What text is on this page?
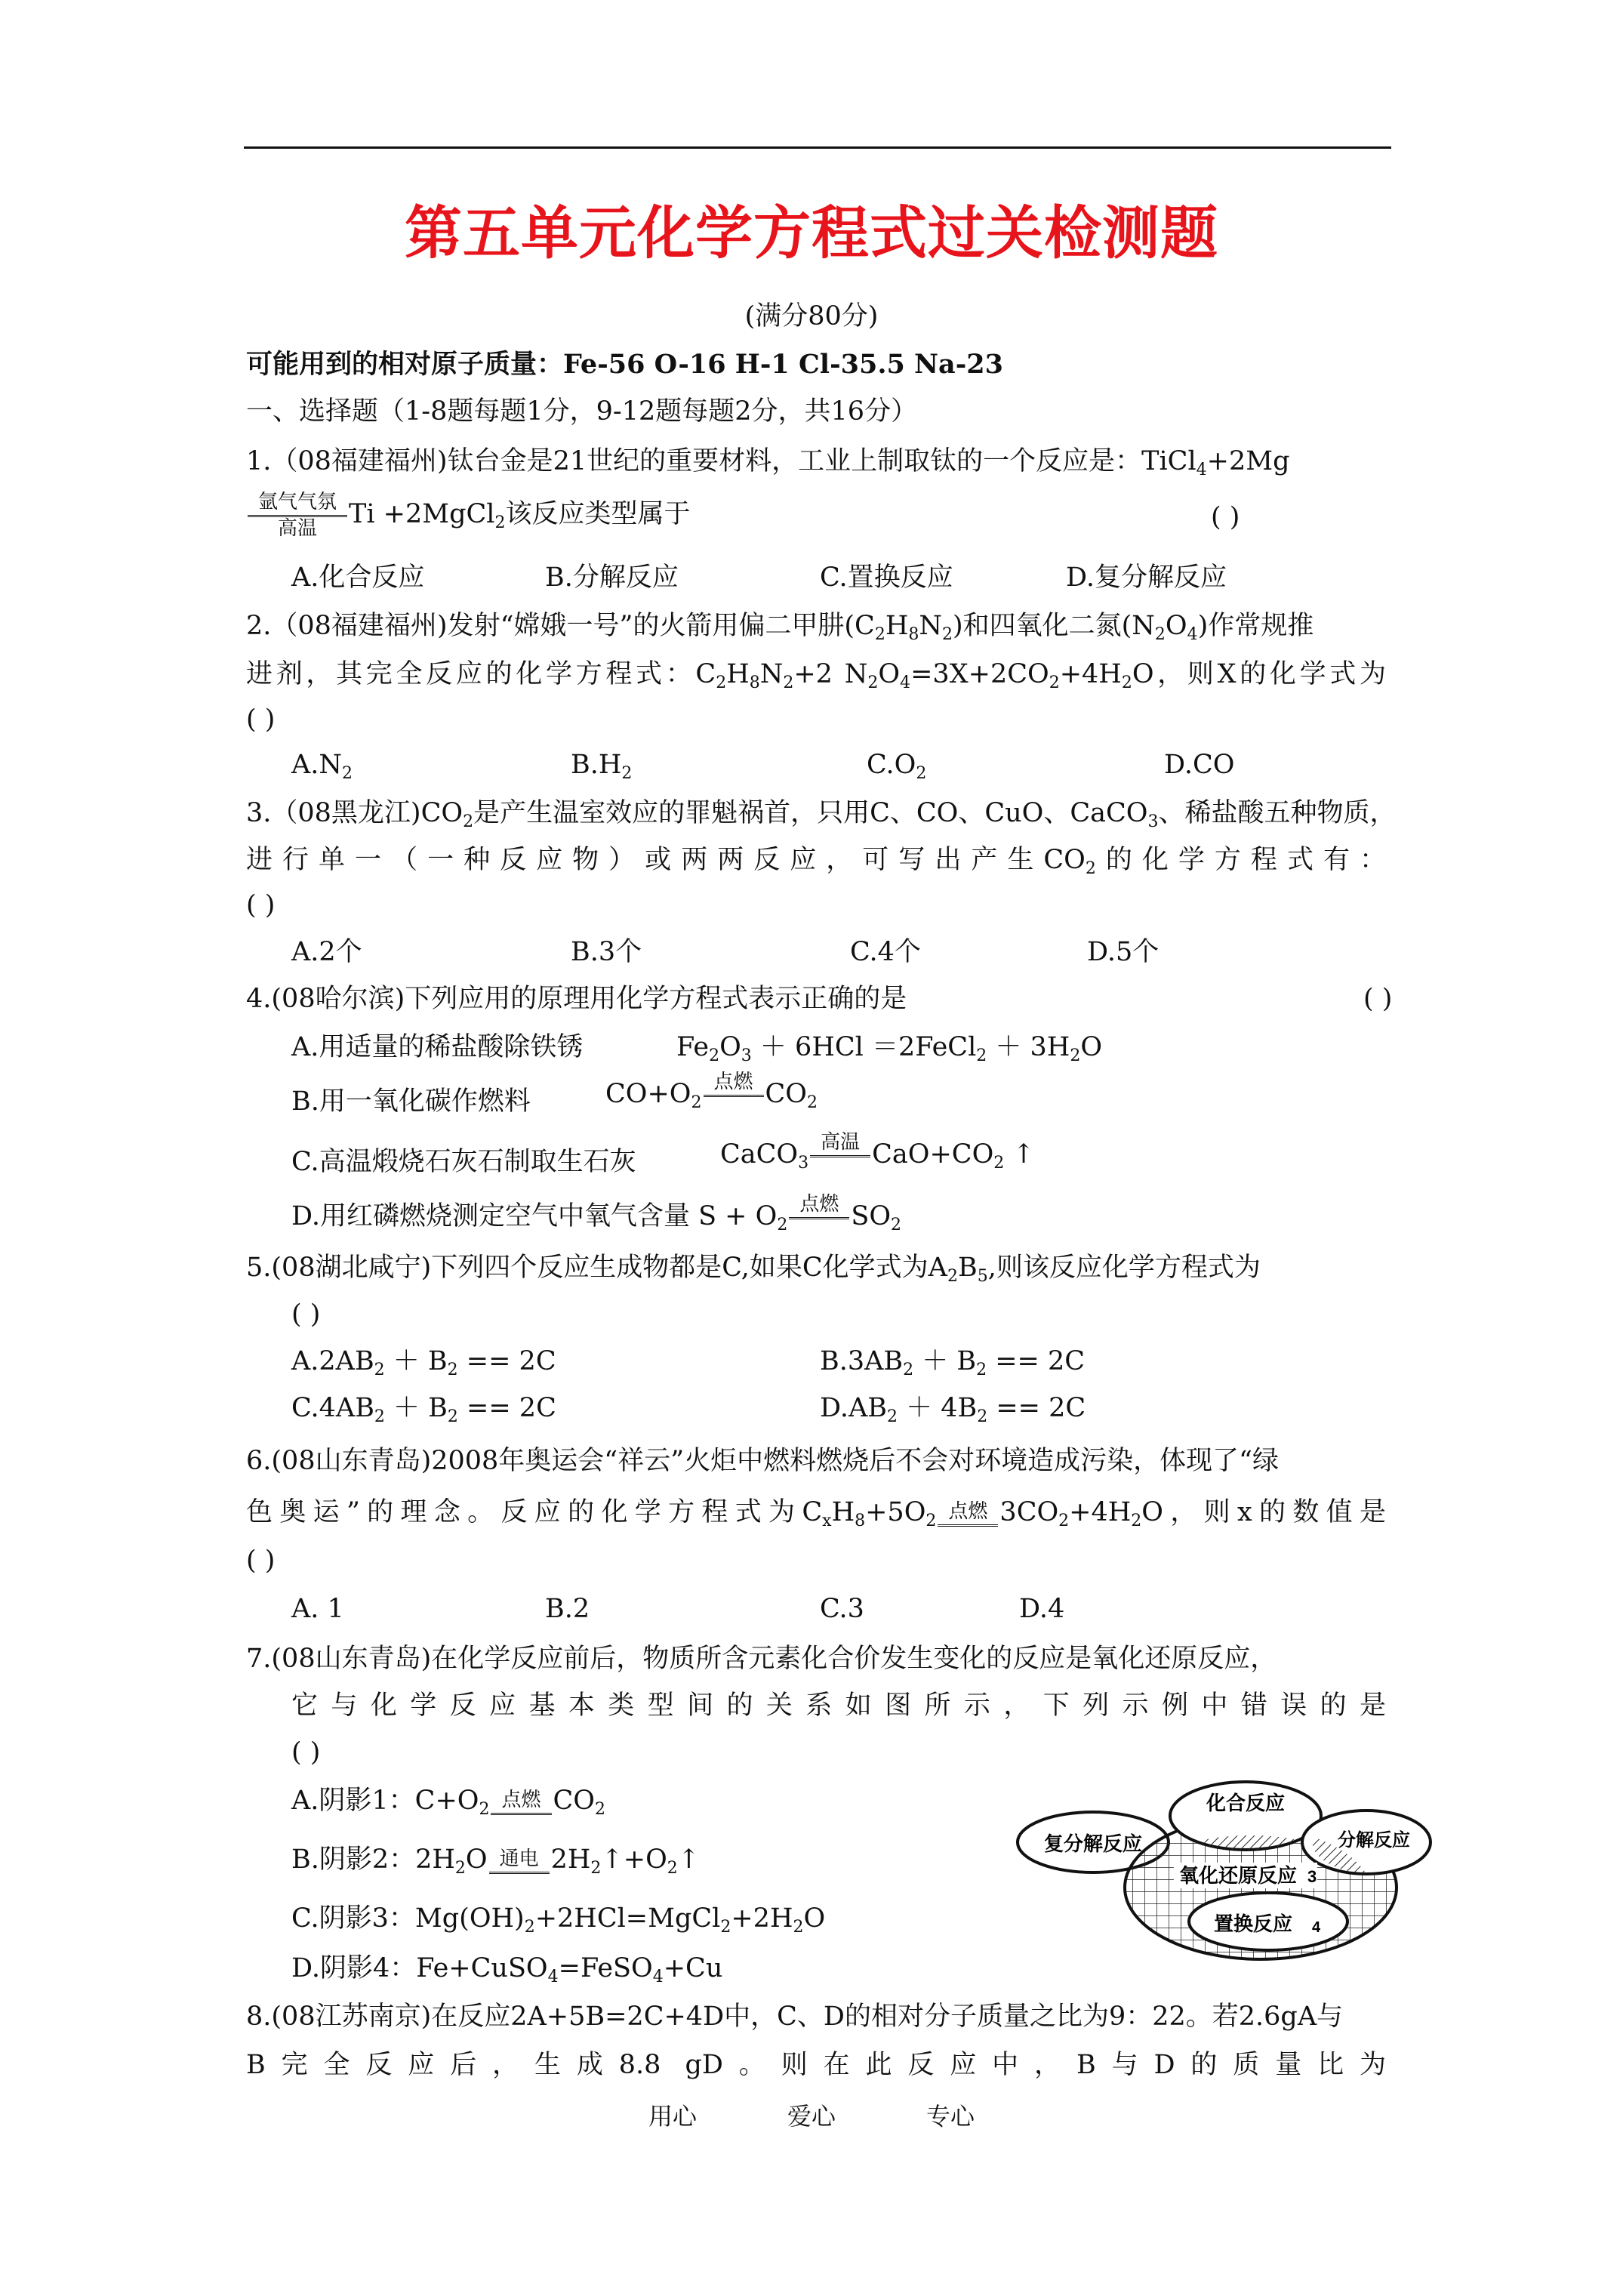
第五单元化学方程式过关检测题
(满分80分)
可能用到的相对原子质量：Fe-56 O-16 H-1 Cl-35.5 Na-23
一、选择题（1-8题每题1分，9-12题每题2分，共16分）
1.（08福建福州)钛台金是21世纪的重要材料，工业上制取钛的一个反应是：TiCl$_4$+2Mg
氩气气氛
高温 Ti +2MgCl$_2$该反应类型属于	( )
A.化合反应	B.分解反应	C.置换反应	D.复分解反应
2.（08福建福州)发射“嫦娥一号”的火箭用偏二甲肼$(C_2H_8N_2)$和四氧化二氮$(N_2O_4)$作常规推
进剂，其完全反应的化学方程式：$C_2H_8N_2+2$ $N_2O_4=3X+2CO_2+4H_2O$，则X的化学式为
( )
$A.N_2$	$B.H_2$	$C.O_2$	D.CO
3.（08黑龙江)$CO_2$是产生温室效应的罪魁祸首，只用C、CO、CuO、CaCO$_3$、稀盐酸五种物质，
进行单一（一种反应物）或两两反应，可写出产生$CO_2$的化学方程式有：
( )
A.2个	B.3个	C.4个	D.5个
4.(08哈尔滨)下列应用的原理用化学方程式表示正确的是	( )
A.用适量的稀盐酸除铁锈	$Fe_2O_3 + 6HCl$ ＝2FeCl$_2$ ＋ $3H_2O$
B.用一氧化碳作燃料	$CO+O_2$
点燃
$CO_2$
C.高温煅烧石灰石制取生石灰	CaCO$_3$
高温
$CaO+CO_2$ ↑
D.用红磷燃烧测定空气中氧气含量 $S + O_2$
点燃
$SO_2$
5.(08湖北咸宁)下列四个反应生成物都是C,如果C化学式为$A_2B_5$,则该反应化学方程式为
( )
$A.2AB_2 + B_2 == 2C$	$B.3AB_2 + B_2 == 2C$
$C.4AB_2 + B_2 == 2C$	$D.AB_2 + 4B_2 == 2C$
6.(08山东青岛)2008年奥运会“祥云”火炬中燃料燃烧后不会对环境造成污染，体现了“绿
色奥运”的理念。反应的化学方程式为$C_xH_8+5O_2$ 点燃 $3CO_2+4H_2O$，则x的数值是
( )
A. 1	B.2	C.3	D.4
7.(08山东青岛)在化学反应前后，物质所含元素化合价发生变化的反应是氧化还原反应，
它与化学反应基本类型间的关系如图所示，下列示例中错误的是
( )
A.阴影1：$C+O_2$ 点燃 $CO_2$
B.阴影2：$2H_2O$ 通电 $2H_2↑+O_2↑$
C.阴影3：$Mg(OH)_2+2HCl=MgCl_2+2H_2O$
D.阴影4：Fe+CuSO$_4$=FeSO$_4$+Cu
复分解反应
化合反应
分解反应
氧化还原反应 3
置换反应 4
8.(08江苏南京)在反应2A+5B=2C+4D中，C、D的相对分子质量之比为9：22。若2.6gA与
B完全反应后，生成8.8 gD。则在此反应中，B与D的质量比为
用心	爱心	专心
